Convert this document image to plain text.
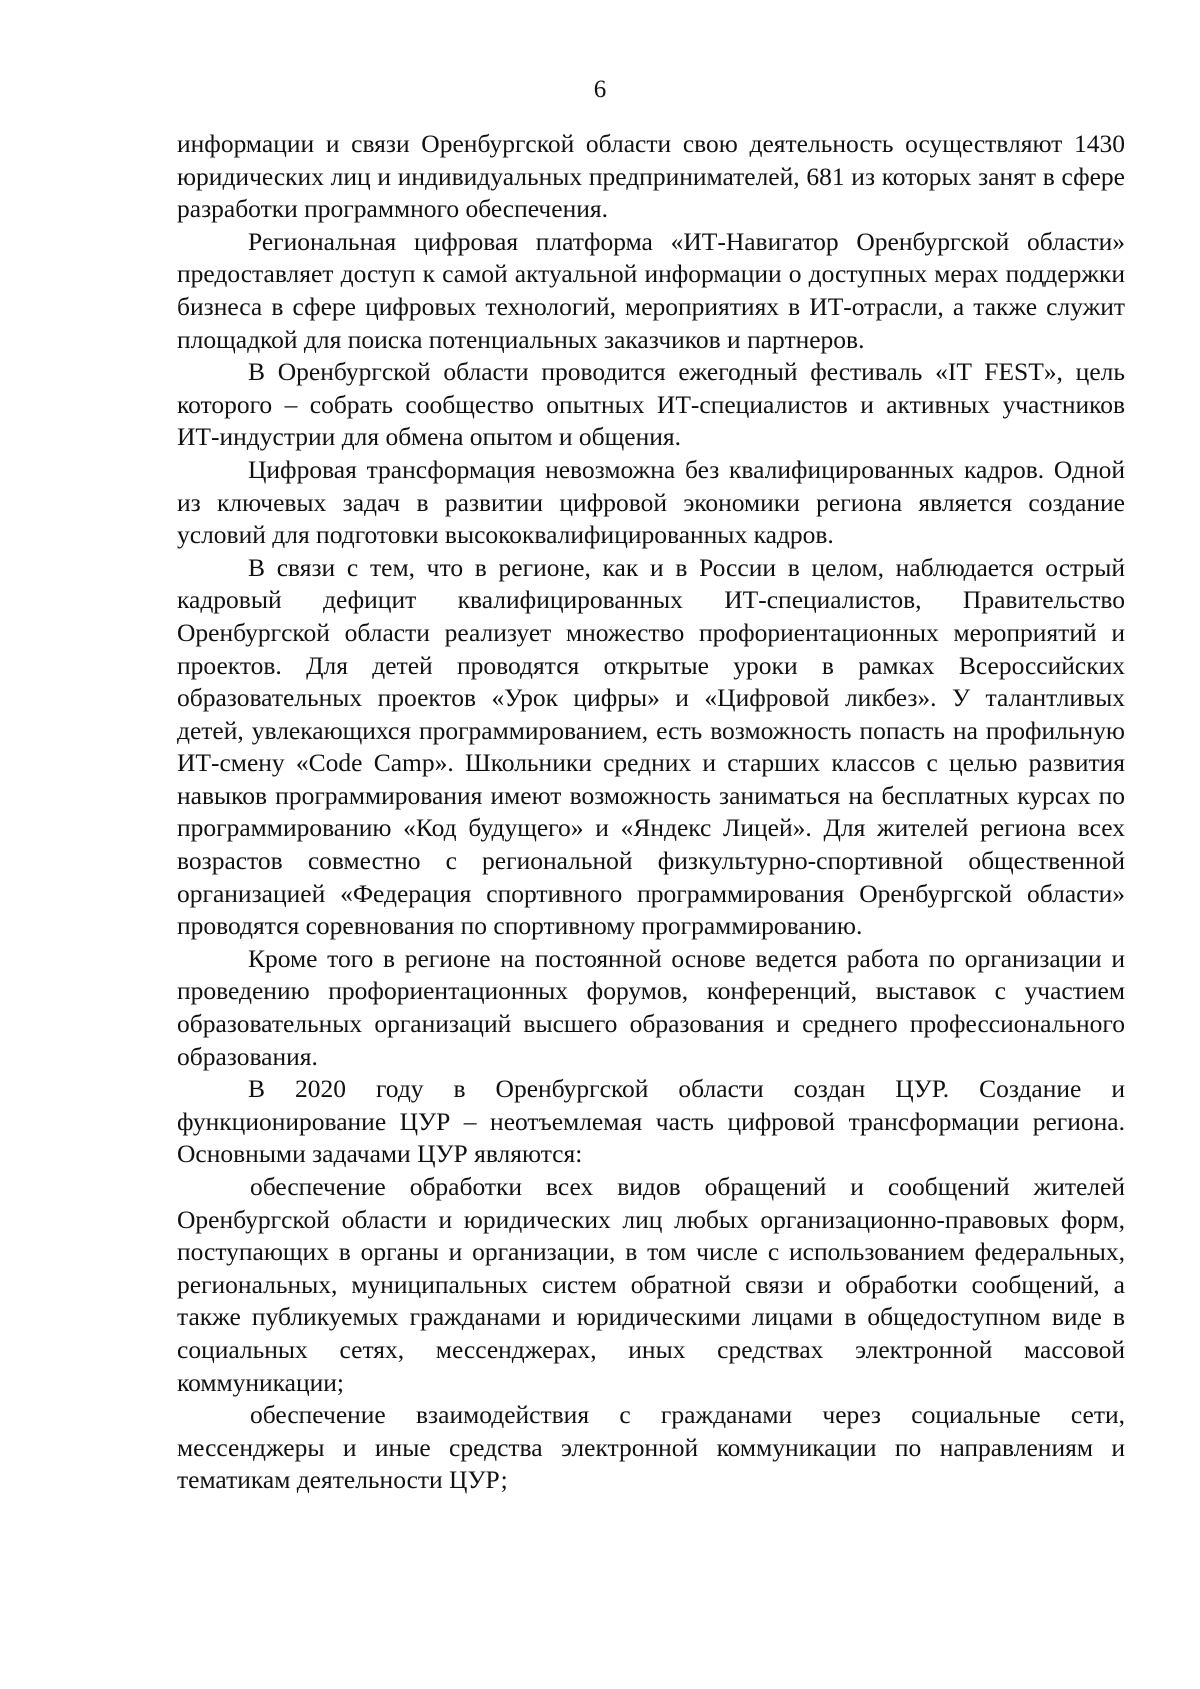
6

информации и связи Оренбургской области свою деятельность осуществляют 1430 юридических лиц и индивидуальных предпринимателей, 681 из которых занят в сфере разработки программного обеспечения.

Региональная цифровая платформа «ИТ-Навигатор Оренбургской области» предоставляет доступ к самой актуальной информации о доступных мерах поддержки бизнеса в сфере цифровых технологий, мероприятиях в ИТ-отрасли, а также служит площадкой для поиска потенциальных заказчиков и партнеров.

В Оренбургской области проводится ежегодный фестиваль «IT FEST», цель которого – собрать сообщество опытных ИТ-специалистов и активных участников ИТ-индустрии для обмена опытом и общения.

Цифровая трансформация невозможна без квалифицированных кадров. Одной из ключевых задач в развитии цифровой экономики региона является создание условий для подготовки высококвалифицированных кадров.

В связи с тем, что в регионе, как и в России в целом, наблюдается острый кадровый дефицит квалифицированных ИТ-специалистов, Правительство Оренбургской области реализует множество профориентационных мероприятий и проектов. Для детей проводятся открытые уроки в рамках Всероссийских образовательных проектов «Урок цифры» и «Цифровой ликбез». У талантливых детей, увлекающихся программированием, есть возможность попасть на профильную ИТ-смену «Code Camp». Школьники средних и старших классов с целью развития навыков программирования имеют возможность заниматься на бесплатных курсах по программированию «Код будущего» и «Яндекс Лицей». Для жителей региона всех возрастов совместно с региональной физкультурно-спортивной общественной организацией «Федерация спортивного программирования Оренбургской области» проводятся соревнования по спортивному программированию.

Кроме того в регионе на постоянной основе ведется работа по организации и проведению профориентационных форумов, конференций, выставок с участием образовательных организаций высшего образования и среднего профессионального образования.

В 2020 году в Оренбургской области создан ЦУР. Создание и функционирование ЦУР – неотъемлемая часть цифровой трансформации региона. Основными задачами ЦУР являются:

обеспечение обработки всех видов обращений и сообщений жителей Оренбургской области и юридических лиц любых организационно-правовых форм, поступающих в органы и организации, в том числе с использованием федеральных, региональных, муниципальных систем обратной связи и обработки сообщений, а также публикуемых гражданами и юридическими лицами в общедоступном виде в социальных сетях, мессенджерах, иных средствах электронной массовой коммуникации;

обеспечение взаимодействия с гражданами через социальные сети, мессенджеры и иные средства электронной коммуникации по направлениям и тематикам деятельности ЦУР;
